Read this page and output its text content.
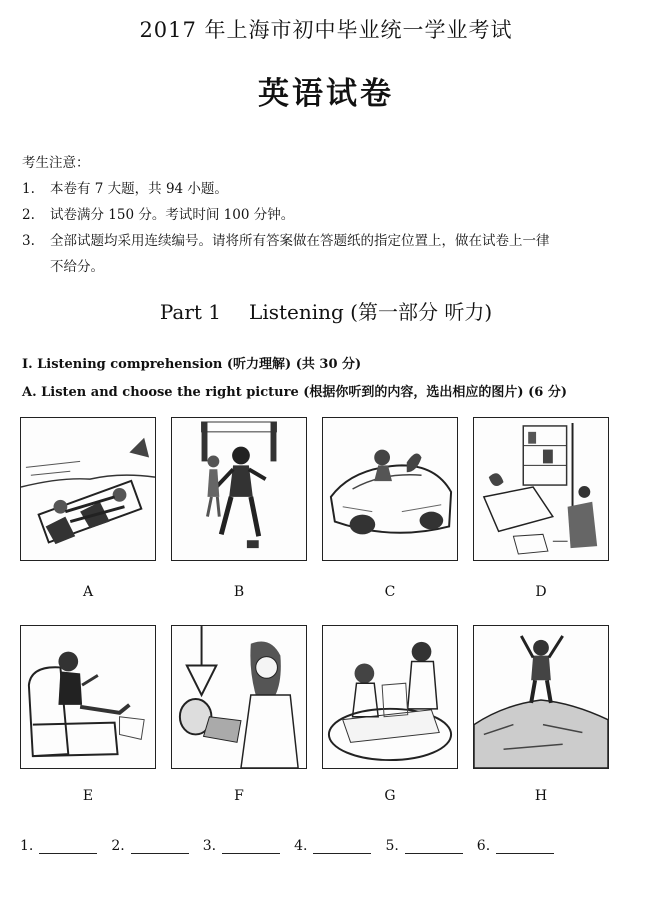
2017 年上海市初中毕业统一学业考试
英语试卷
考生注意：
1.	本卷有 7 大题，共 94 小题。
2.	试卷满分 150 分。考试时间 100 分钟。
3.	全部试题均采用连续编号。请将所有答案做在答题纸的指定位置上，做在试卷上一律
不给分。
Part 1 Listening (第一部分 听力)
I. Listening comprehension (听力理解) (共 30 分)
A. Listen and choose the right picture (根据你听到的内容，选出相应的图片) (6 分)
A	B	C	D
E	F	G	H
1.	2.	3.	4.	5.	6.
